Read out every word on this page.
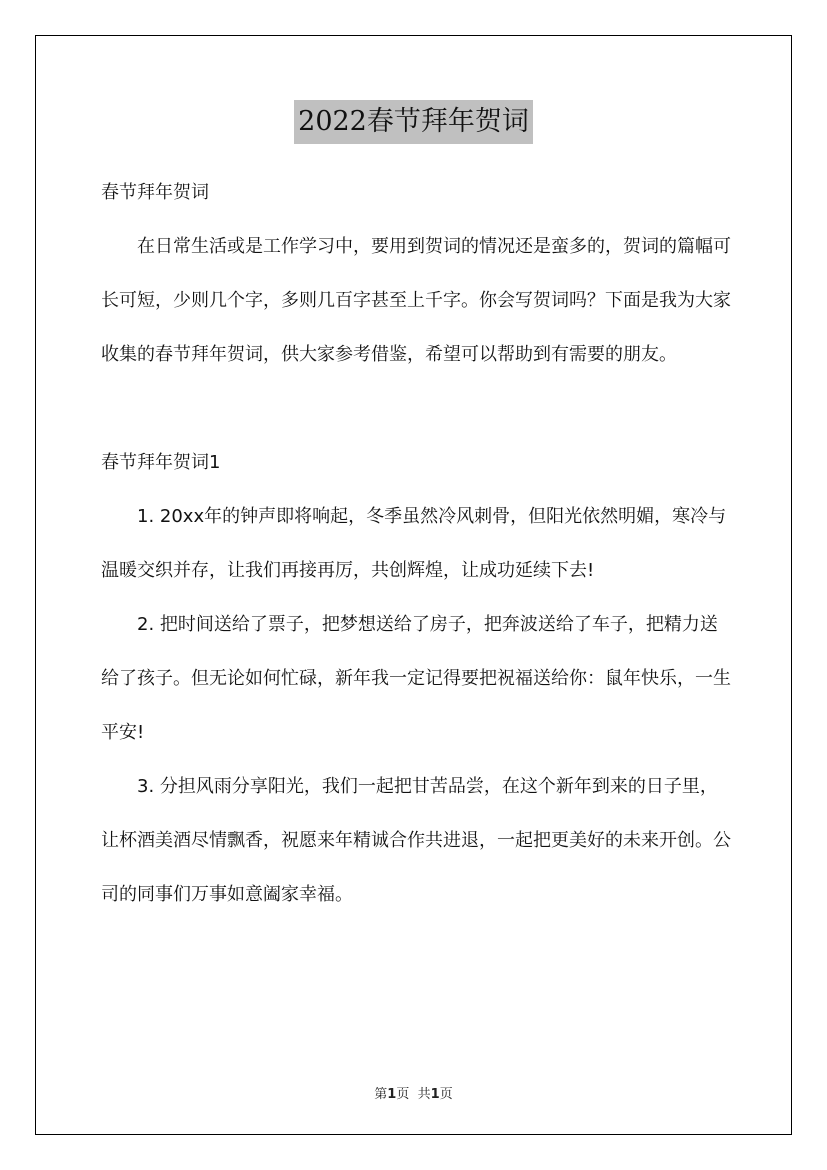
2022春节拜年贺词

春节拜年贺词

在日常生活或是工作学习中，要用到贺词的情况还是蛮多的，贺词的篇幅可长可短，少则几个字，多则几百字甚至上千字。你会写贺词吗？下面是我为大家收集的春节拜年贺词，供大家参考借鉴，希望可以帮助到有需要的朋友。

春节拜年贺词1

1. 20xx年的钟声即将响起，冬季虽然冷风刺骨，但阳光依然明媚，寒冷与温暖交织并存，让我们再接再厉，共创辉煌，让成功延续下去!

2. 把时间送给了票子，把梦想送给了房子，把奔波送给了车子，把精力送给了孩子。但无论如何忙碌，新年我一定记得要把祝福送给你：鼠年快乐，一生平安!

3. 分担风雨分享阳光，我们一起把甘苦品尝，在这个新年到来的日子里，让杯酒美酒尽情飘香，祝愿来年精诚合作共进退，一起把更美好的未来开创。公司的同事们万事如意阖家幸福。

第1页 共1页
